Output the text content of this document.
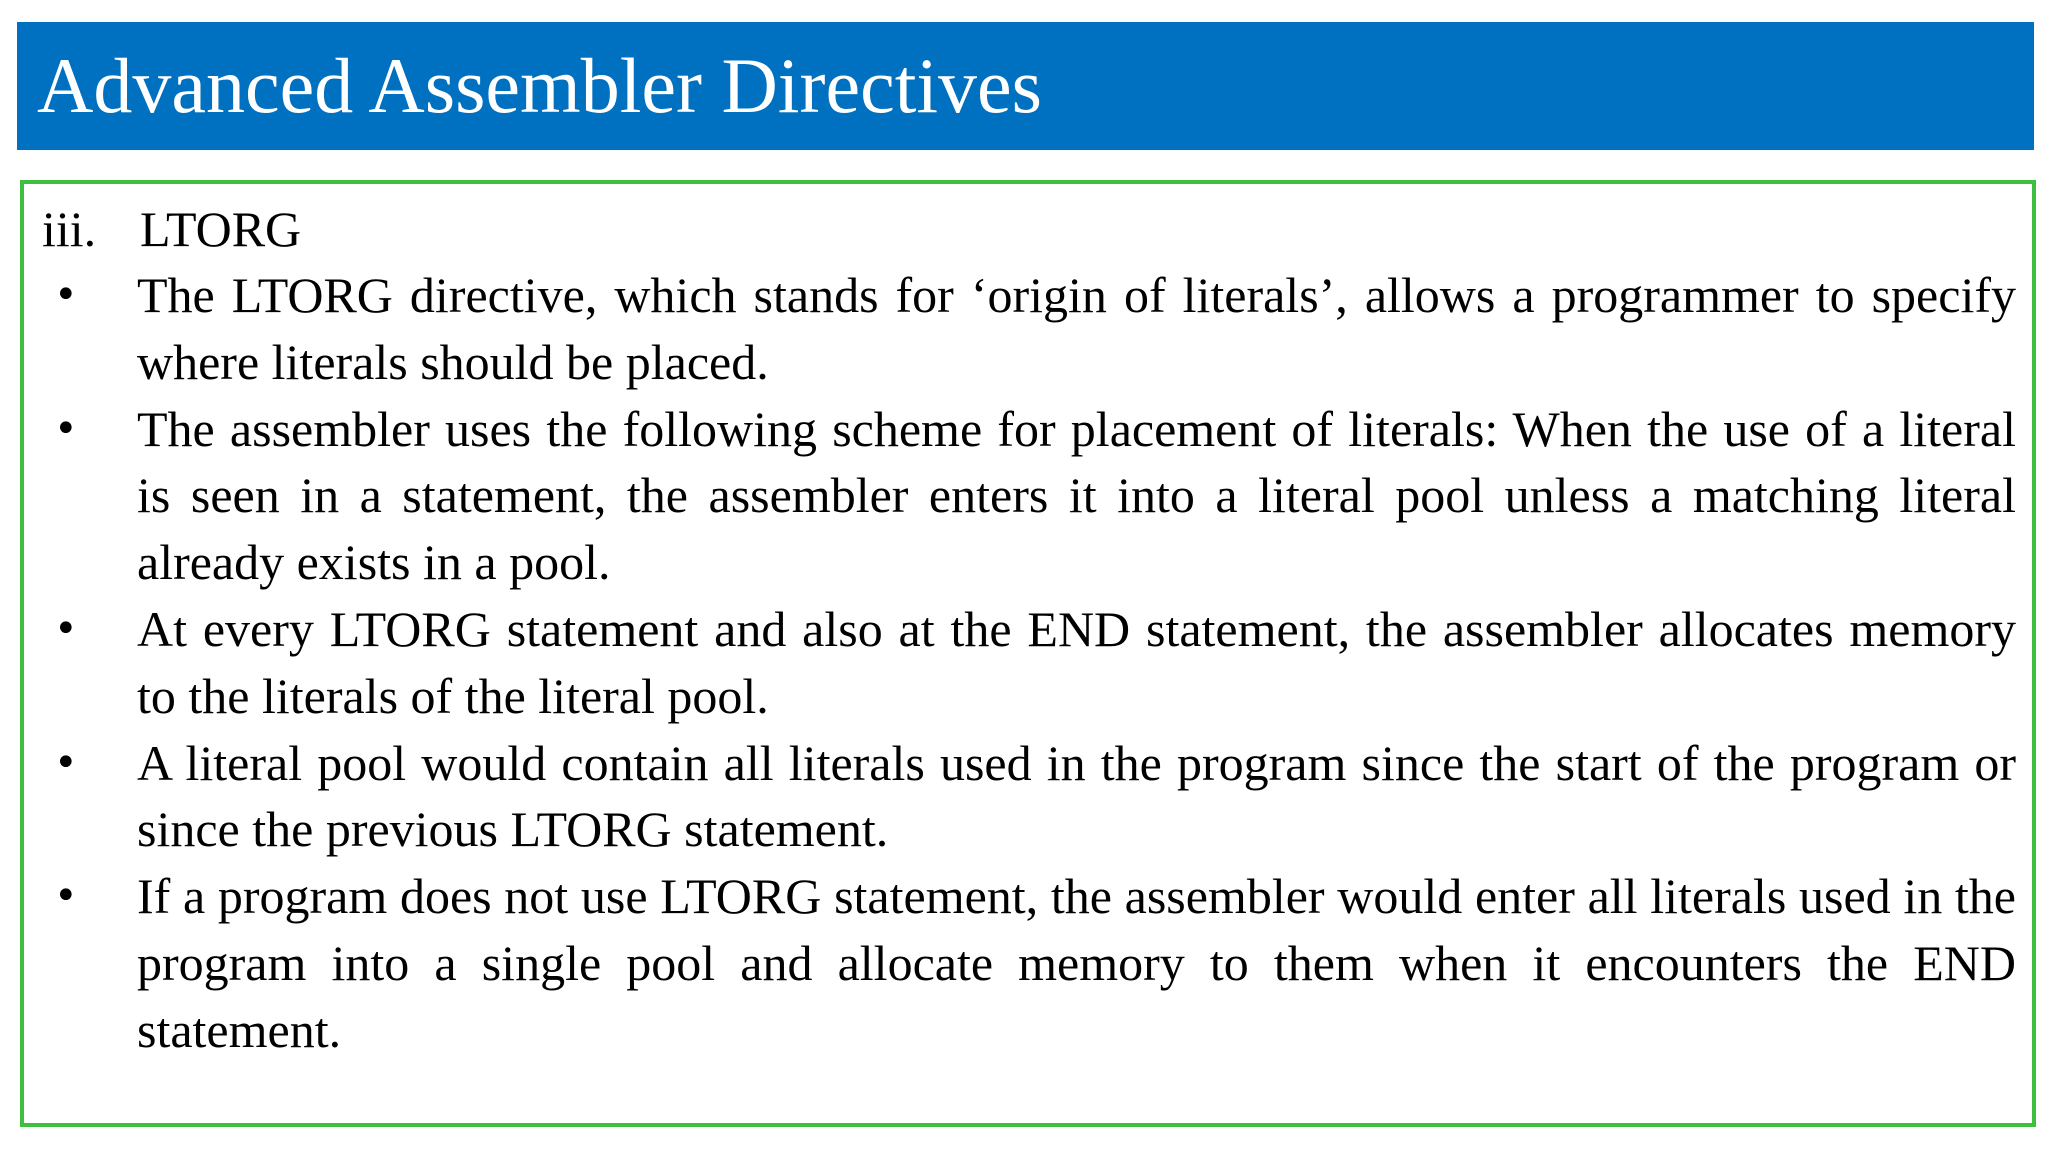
Advanced Assembler Directives
iii. LTORG
•	The LTORG directive, which stands for ‘origin of literals’, allows a programmer to specify where literals should be placed.
•	The assembler uses the following scheme for placement of literals: When the use of a literal is seen in a statement, the assembler enters it into a literal pool unless a matching literal already exists in a pool.
•	At every LTORG statement and also at the END statement, the assembler allocates memory to the literals of the literal pool.
•	A literal pool would contain all literals used in the program since the start of the program or since the previous LTORG statement.
•	If a program does not use LTORG statement, the assembler would enter all literals used in the program into a single pool and allocate memory to them when it encounters the END statement.
